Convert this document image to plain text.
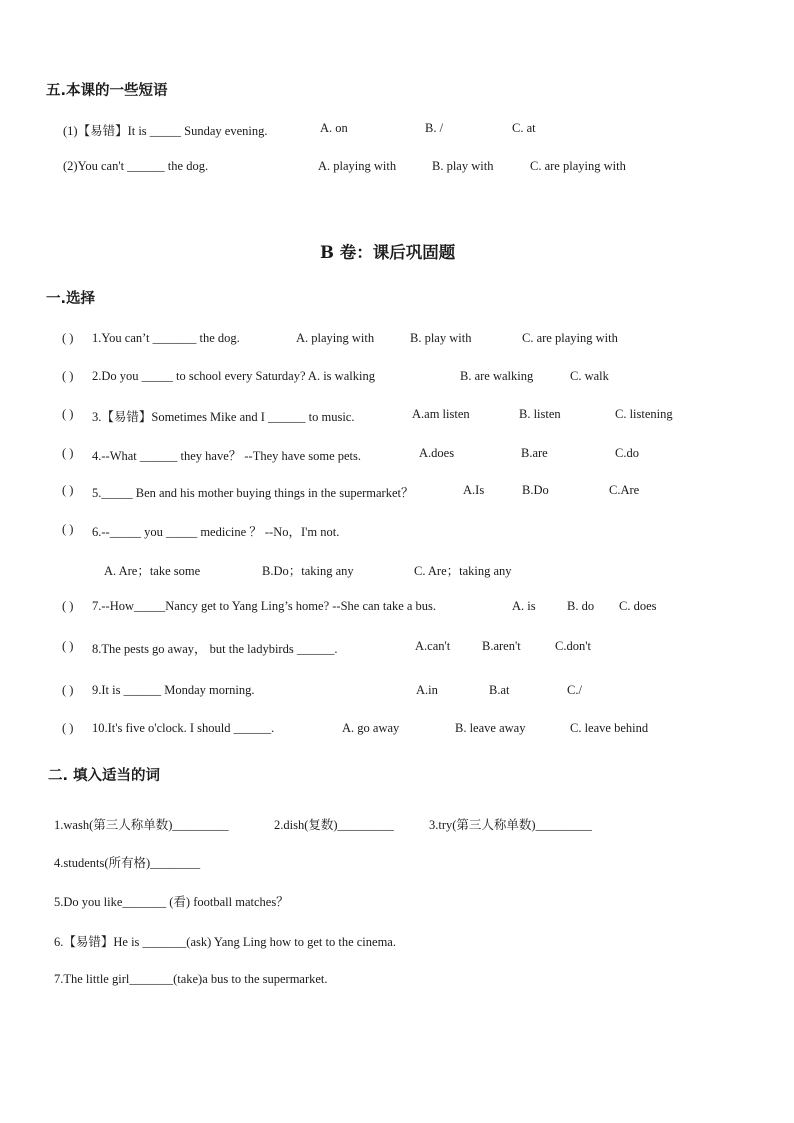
五.本课的一些短语
(1)【易错】It is _____ Sunday evening.	A. on	B. /	C. at
(2)You can't ______ the dog.	A. playing with	B. play with	C. are playing with
B 卷：课后巩固题
一.选择
( ) 1.You can’t _______ the dog.	A. playing with	B. play with	C. are playing with
( ) 2.Do you _____ to school every Saturday? A. is walking	B. are walking	C. walk
( ) 3.【易错】Sometimes Mike and I ______ to music.	A.am listen	B. listen	C. listening
( ) 4.--What ______ they have？ --They have some pets.	A.does	B.are	C.do
( ) 5._____ Ben and his mother buying things in the supermarket？	A.Is	B.Do	C.Are
( ) 6.--_____ you _____ medicine ？ --No，I'm not.
A. Are；take some	B.Do；taking any	C. Are；taking any
( ) 7.--How_____Nancy get to Yang Ling’s home? --She can take a bus.	A. is	B. do C. does
( ) 8.The pests go away， but the ladybirds ______.	A.can't	B.aren't	C.don't
( ) 9.It is ______ Monday morning.	A.in	B.at	C./
( ) 10.It's five o'clock. I should ______.	A. go away	B. leave away	C. leave behind
二. 填入适当的词
1.wash(第三人称单数)_________	2.dish(复数)_________	3.try(第三人称单数)_________
4.students(所有格)________
5.Do you like_______ (看) football matches？
6.【易错】He is _______(ask) Yang Ling how to get to the cinema.
7.The little girl_______(take)a bus to the supermarket.
